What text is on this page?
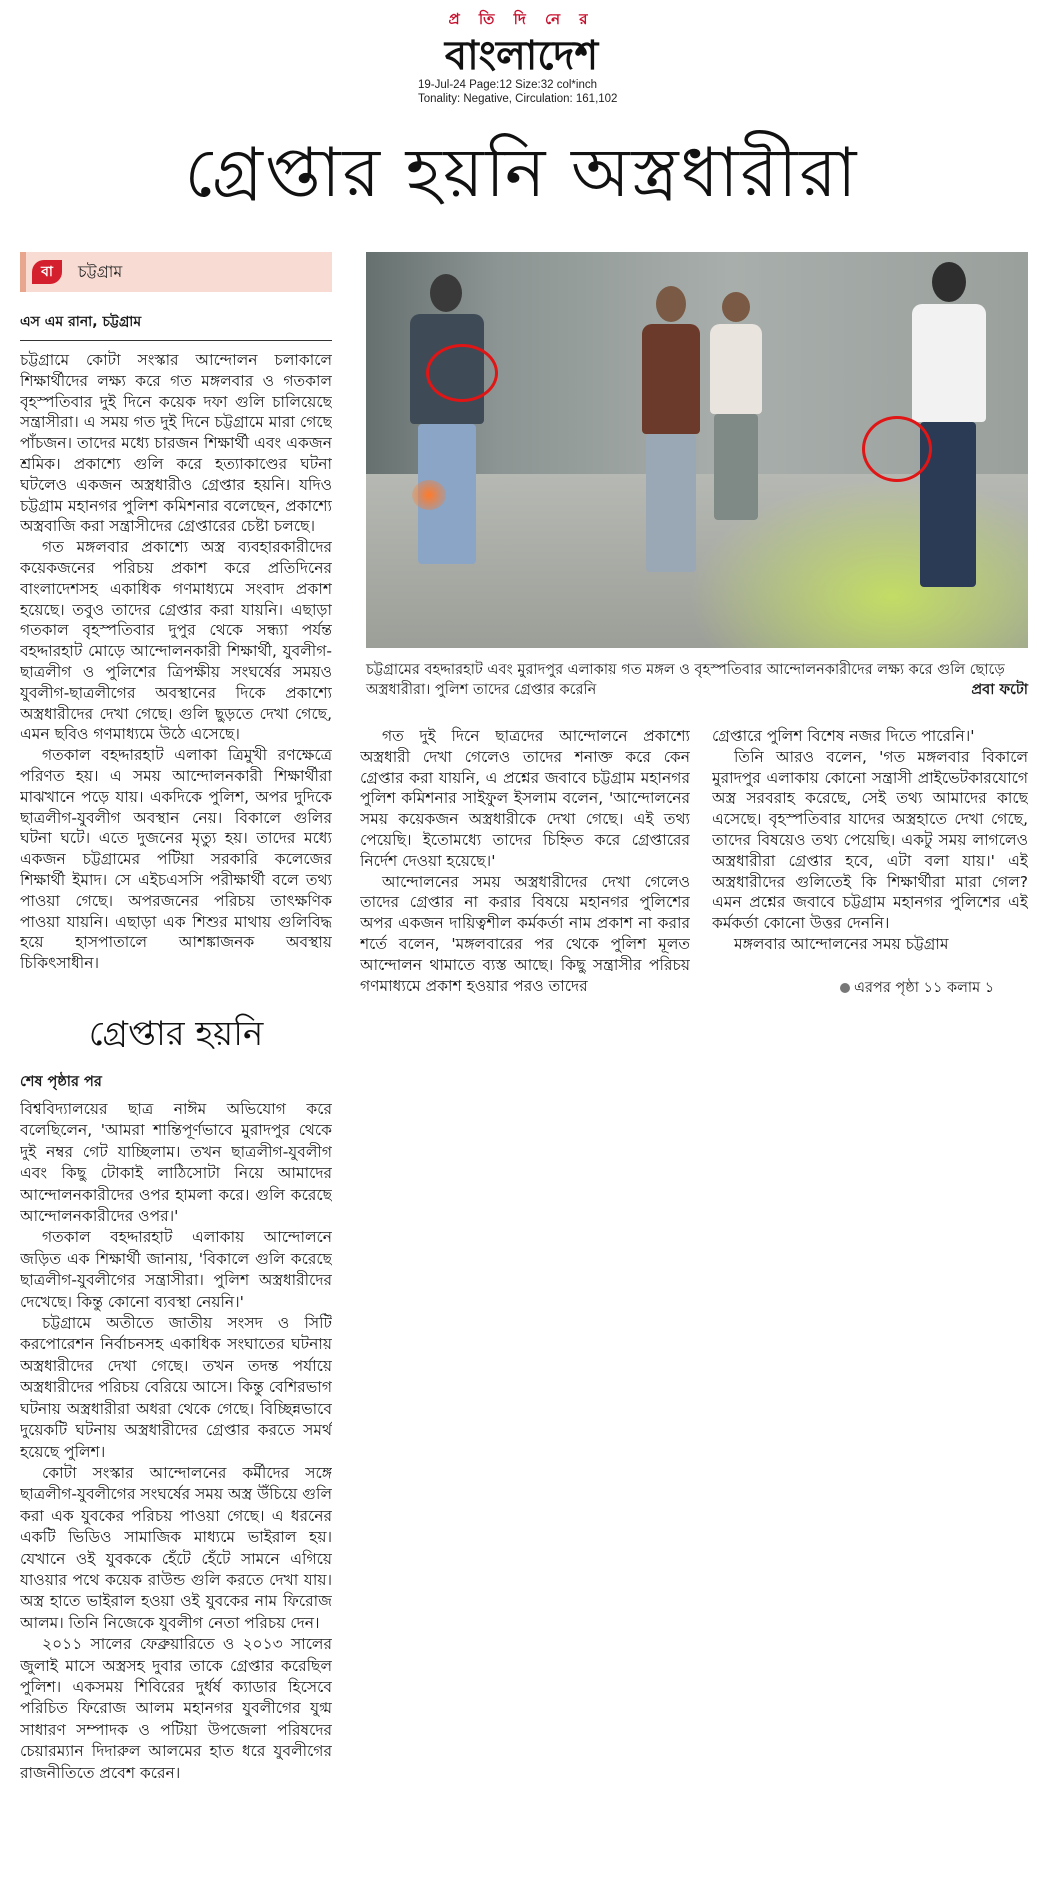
প্র তি দি নে র
বাংলাদেশ
19-Jul-24 Page:12 Size:32 col*inch
Tonality: Negative, Circulation: 161,102
গ্রেপ্তার হয়নি অস্ত্রধারীরা
বা	চট্টগ্রাম
এস এম রানা, চট্টগ্রাম

চট্টগ্রামে কোটা সংস্কার আন্দোলন চলাকালে শিক্ষার্থীদের লক্ষ্য করে গত মঙ্গলবার ও গতকাল বৃহস্পতিবার দুই দিনে কয়েক দফা গুলি চালিয়েছে সন্ত্রাসীরা। এ সময় গত দুই দিনে চট্টগ্রামে মারা গেছে পাঁচজন। তাদের মধ্যে চারজন শিক্ষার্থী এবং একজন শ্রমিক। প্রকাশ্যে গুলি করে হত্যাকাণ্ডের ঘটনা ঘটলেও একজন অস্ত্রধারীও গ্রেপ্তার হয়নি। যদিও চট্টগ্রাম মহানগর পুলিশ কমিশনার বলেছেন, প্রকাশ্যে অস্ত্রবাজি করা সন্ত্রাসীদের গ্রেপ্তারের চেষ্টা চলছে।

গত মঙ্গলবার প্রকাশ্যে অস্ত্র ব্যবহারকারীদের কয়েকজনের পরিচয় প্রকাশ করে প্রতিদিনের বাংলাদেশসহ একাধিক গণমাধ্যমে সংবাদ প্রকাশ হয়েছে। তবুও তাদের গ্রেপ্তার করা যায়নি। এছাড়া গতকাল বৃহস্পতিবার দুপুর থেকে সন্ধ্যা পর্যন্ত বহদ্দারহাট মোড়ে আন্দোলনকারী শিক্ষার্থী, যুবলীগ-ছাত্রলীগ ও পুলিশের ত্রিপক্ষীয় সংঘর্ষের সময়ও যুবলীগ-ছাত্রলীগের অবস্থানের দিকে প্রকাশ্যে অস্ত্রধারীদের দেখা গেছে। গুলি ছুড়তে দেখা গেছে, এমন ছবিও গণমাধ্যমে উঠে এসেছে।

গতকাল বহদ্দারহাট এলাকা ত্রিমুখী রণক্ষেত্রে পরিণত হয়। এ সময় আন্দোলনকারী শিক্ষার্থীরা মাঝখানে পড়ে যায়। একদিকে পুলিশ, অপর দুদিকে ছাত্রলীগ-যুবলীগ অবস্থান নেয়। বিকালে গুলির ঘটনা ঘটে। এতে দুজনের মৃত্যু হয়। তাদের মধ্যে একজন চট্টগ্রামের পটিয়া সরকারি কলেজের শিক্ষার্থী ইমাদ। সে এইচএসসি পরীক্ষার্থী বলে তথ্য পাওয়া গেছে। অপরজনের পরিচয় তাৎক্ষণিক পাওয়া যায়নি। এছাড়া এক শিশুর মাথায় গুলিবিদ্ধ হয়ে হাসপাতালে আশঙ্কাজনক অবস্থায় চিকিৎসাধীন।

চট্টগ্রামের বহদ্দারহাট এবং মুরাদপুর এলাকায় গত মঙ্গল ও বৃহস্পতিবার আন্দোলনকারীদের লক্ষ্য করে গুলি ছোড়ে অস্ত্রধারীরা। পুলিশ তাদের গ্রেপ্তার করেনি	প্রবা ফটো

গত দুই দিনে ছাত্রদের আন্দোলনে প্রকাশ্যে অস্ত্রধারী দেখা গেলেও তাদের শনাক্ত করে কেন গ্রেপ্তার করা যায়নি, এ প্রশ্নের জবাবে চট্টগ্রাম মহানগর পুলিশ কমিশনার সাইফুল ইসলাম বলেন, 'আন্দোলনের সময় কয়েকজন অস্ত্রধারীকে দেখা গেছে। এই তথ্য পেয়েছি। ইতোমধ্যে তাদের চিহ্নিত করে গ্রেপ্তারের নির্দেশ দেওয়া হয়েছে।'

আন্দোলনের সময় অস্ত্রধারীদের দেখা গেলেও তাদের গ্রেপ্তার না করার বিষয়ে মহানগর পুলিশের অপর একজন দায়িত্বশীল কর্মকর্তা নাম প্রকাশ না করার শর্তে বলেন, 'মঙ্গলবারের পর থেকে পুলিশ মূলত আন্দোলন থামাতে ব্যস্ত আছে। কিছু সন্ত্রাসীর পরিচয় গণমাধ্যমে প্রকাশ হওয়ার পরও তাদের

গ্রেপ্তারে পুলিশ বিশেষ নজর দিতে পারেনি।'

তিনি আরও বলেন, 'গত মঙ্গলবার বিকালে মুরাদপুর এলাকায় কোনো সন্ত্রাসী প্রাইভেটকারযোগে অস্ত্র সরবরাহ করেছে, সেই তথ্য আমাদের কাছে এসেছে। বৃহস্পতিবার যাদের অস্ত্রহাতে দেখা গেছে, তাদের বিষয়েও তথ্য পেয়েছি। একটু সময় লাগলেও অস্ত্রধারীরা গ্রেপ্তার হবে, এটা বলা যায়।' এই অস্ত্রধারীদের গুলিতেই কি শিক্ষার্থীরা মারা গেল? এমন প্রশ্নের জবাবে চট্টগ্রাম মহানগর পুলিশের এই কর্মকর্তা কোনো উত্তর দেননি।

মঙ্গলবার আন্দোলনের সময় চট্টগ্রাম

এরপর পৃষ্ঠা ১১ কলাম ১
গ্রেপ্তার হয়নি
শেষ পৃষ্ঠার পর

বিশ্ববিদ্যালয়ের ছাত্র নাঈম অভিযোগ করে বলেছিলেন, 'আমরা শান্তিপূর্ণভাবে মুরাদপুর থেকে দুই নম্বর গেট যাচ্ছিলাম। তখন ছাত্রলীগ-যুবলীগ এবং কিছু টোকাই লাঠিসোটা নিয়ে আমাদের আন্দোলনকারীদের ওপর হামলা করে। গুলি করেছে আন্দোলনকারীদের ওপর।'

গতকাল বহদ্দারহাট এলাকায় আন্দোলনে জড়িত এক শিক্ষার্থী জানায়, 'বিকালে গুলি করেছে ছাত্রলীগ-যুবলীগের সন্ত্রাসীরা। পুলিশ অস্ত্রধারীদের দেখেছে। কিন্তু কোনো ব্যবস্থা নেয়নি।'

চট্টগ্রামে অতীতে জাতীয় সংসদ ও সিটি করপোরেশন নির্বাচনসহ একাধিক সংঘাতের ঘটনায় অস্ত্রধারীদের দেখা গেছে। তখন তদন্ত পর্যায়ে অস্ত্রধারীদের পরিচয় বেরিয়ে আসে। কিন্তু বেশিরভাগ ঘটনায় অস্ত্রধারীরা অধরা থেকে গেছে। বিচ্ছিন্নভাবে দুয়েকটি ঘটনায় অস্ত্রধারীদের গ্রেপ্তার করতে সমর্থ হয়েছে পুলিশ।

কোটা সংস্কার আন্দোলনের কর্মীদের সঙ্গে ছাত্রলীগ-যুবলীগের সংঘর্ষের সময় অস্ত্র উঁচিয়ে গুলি করা এক যুবকের পরিচয় পাওয়া গেছে। এ ধরনের একটি ভিডিও সামাজিক মাধ্যমে ভাইরাল হয়। যেখানে ওই যুবককে হেঁটে হেঁটে সামনে এগিয়ে যাওয়ার পথে কয়েক রাউন্ড গুলি করতে দেখা যায়। অস্ত্র হাতে ভাইরাল হওয়া ওই যুবকের নাম ফিরোজ আলম। তিনি নিজেকে যুবলীগ নেতা পরিচয় দেন।

২০১১ সালের ফেব্রুয়ারিতে ও ২০১৩ সালের জুলাই মাসে অস্ত্রসহ দুবার তাকে গ্রেপ্তার করেছিল পুলিশ। একসময় শিবিরের দুর্ধর্ষ ক্যাডার হিসেবে পরিচিত ফিরোজ আলম মহানগর যুবলীগের যুগ্ম সাধারণ সম্পাদক ও পটিয়া উপজেলা পরিষদের চেয়ারম্যান দিদারুল আলমের হাত ধরে যুবলীগের রাজনীতিতে প্রবেশ করেন।
